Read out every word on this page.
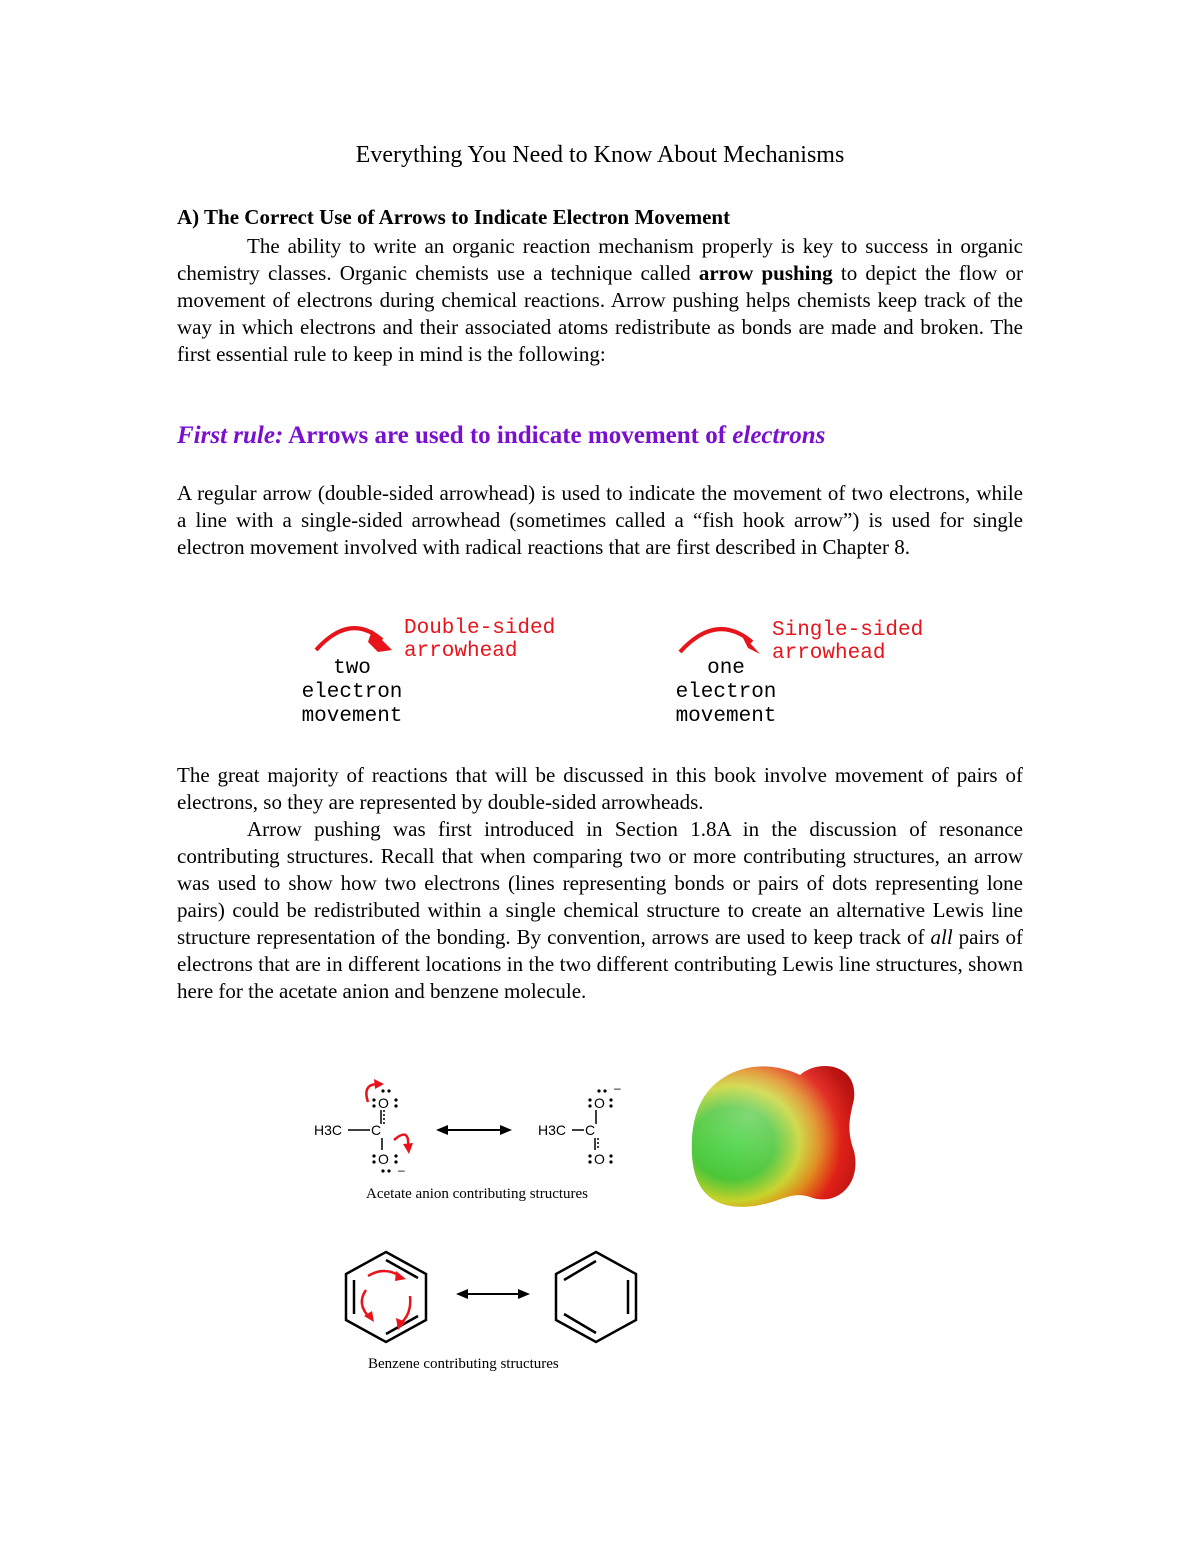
Everything You Need to Know About Mechanisms
A) The Correct Use of Arrows to Indicate Electron Movement

The ability to write an organic reaction mechanism properly is key to success in organic chemistry classes. Organic chemists use a technique called arrow pushing to depict the flow or movement of electrons during chemical reactions. Arrow pushing helps chemists keep track of the way in which electrons and their associated atoms redistribute as bonds are made and broken. The first essential rule to keep in mind is the following:

First rule: Arrows are used to indicate movement of electrons

A regular arrow (double-sided arrowhead) is used to indicate the movement of two electrons, while a line with a single-sided arrowhead (sometimes called a “fish hook arrow”) is used for single electron movement involved with radical reactions that are first described in Chapter 8.

Double-sided
arrowhead
two
electron
movement
Single-sided
arrowhead
one
electron
movement

The great majority of reactions that will be discussed in this book involve movement of pairs of electrons, so they are represented by double-sided arrowheads.

Arrow pushing was first introduced in Section 1.8A in the discussion of resonance contributing structures. Recall that when comparing two or more contributing structures, an arrow was used to show how two electrons (lines representing bonds or pairs of dots representing lone pairs) could be redistributed within a single chemical structure to create an alternative Lewis line structure representation of the bonding. By convention, arrows are used to keep track of all pairs of electrons that are in different locations in the two different contributing Lewis line structures, shown here for the acetate anion and benzene molecule.

H3C C
O
O
–
H3C C
O
–
O
Acetate anion contributing structures
Benzene contributing structures
